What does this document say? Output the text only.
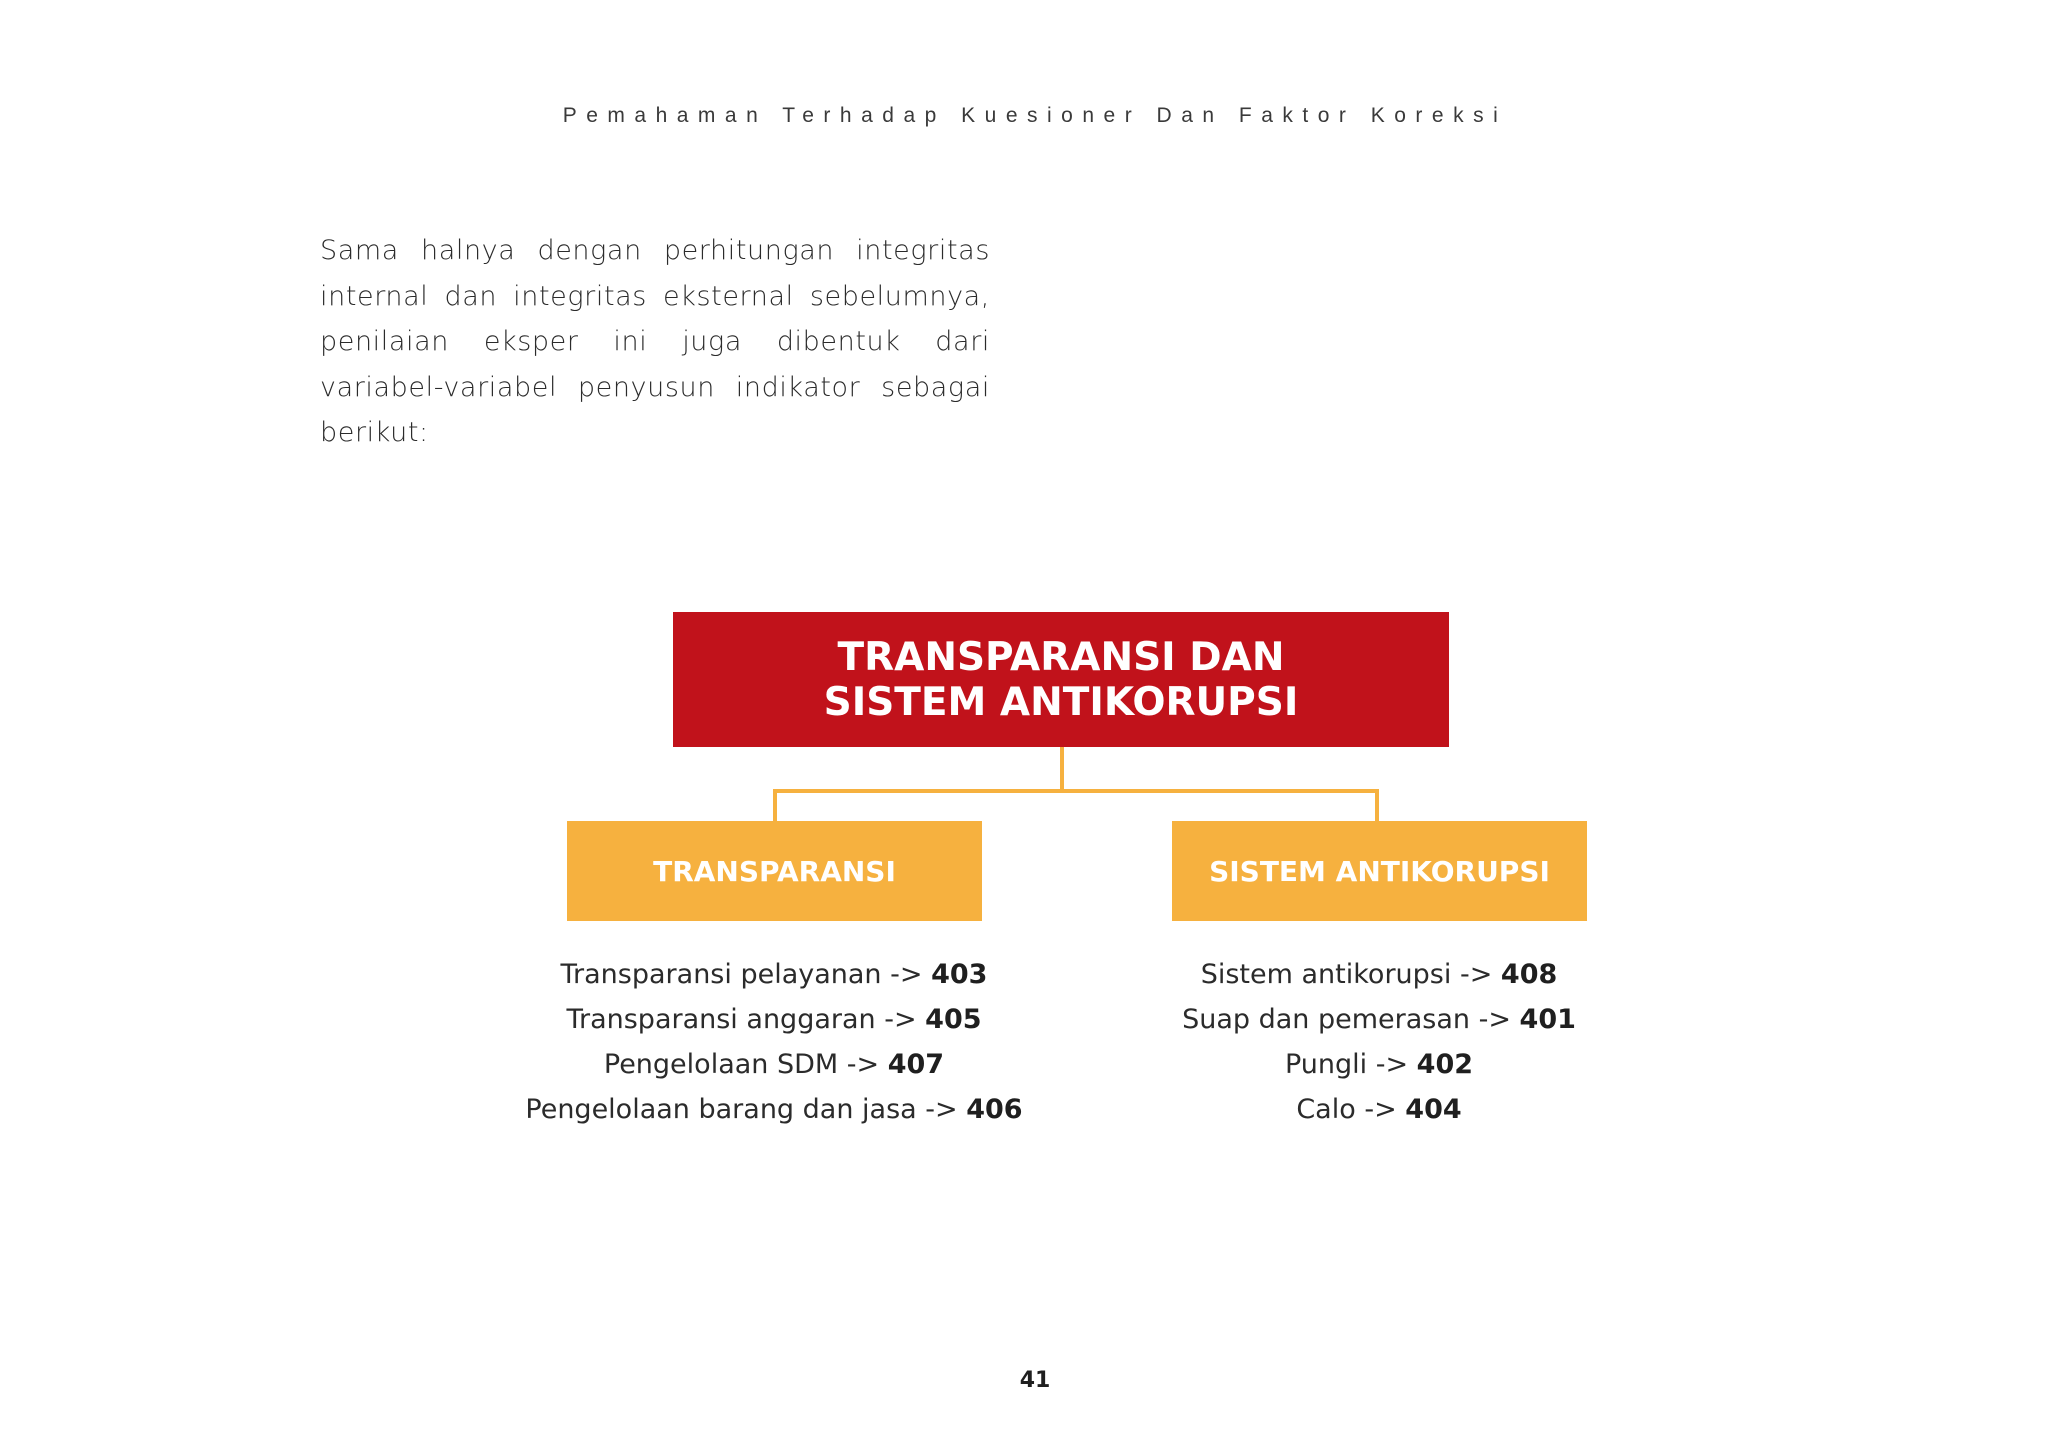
Pemahaman Terhadap Kuesioner Dan Faktor Koreksi
Sama halnya dengan perhitungan integritas internal dan integritas eksternal sebelumnya, penilaian eksper ini juga dibentuk dari variabel-variabel penyusun indikator sebagai berikut:
TRANSPARANSI DAN
SISTEM ANTIKORUPSI
TRANSPARANSI	SISTEM ANTIKORUPSI
Transparansi pelayanan -> 403
Transparansi anggaran -> 405
Pengelolaan SDM -> 407
Pengelolaan barang dan jasa -> 406
Sistem antikorupsi -> 408
Suap dan pemerasan -> 401
Pungli -> 402
Calo -> 404
41
